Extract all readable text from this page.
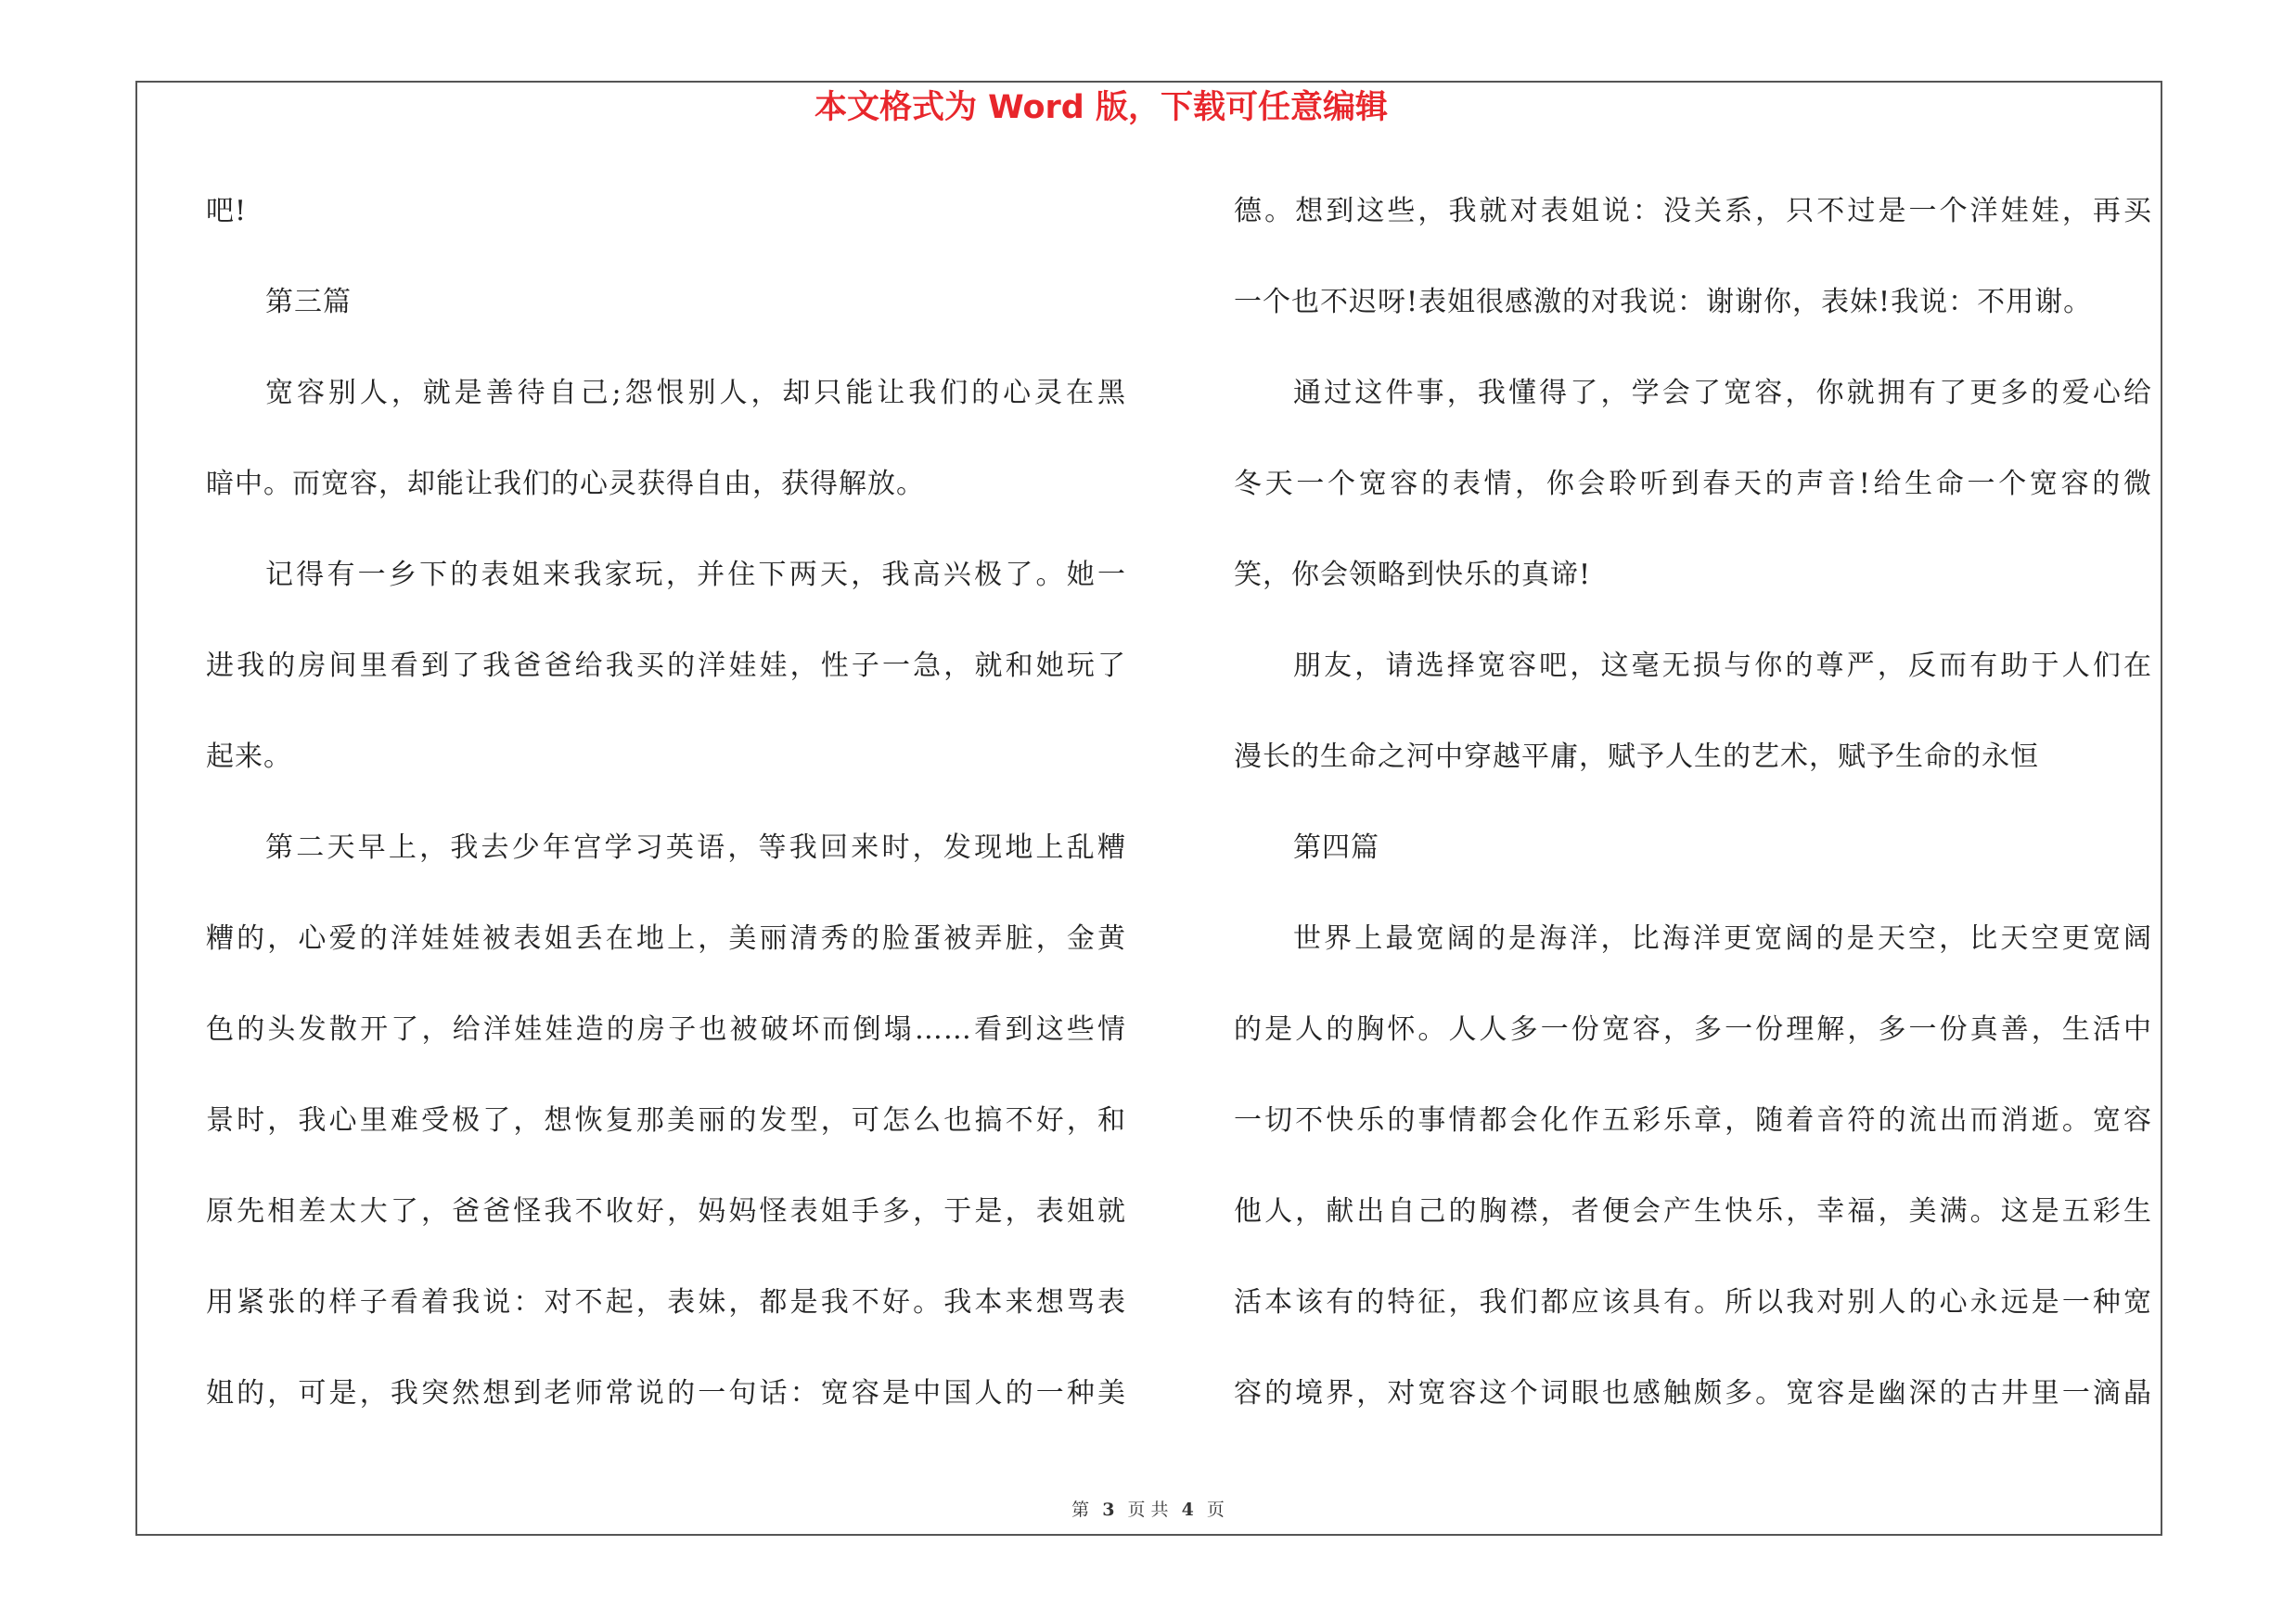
本文格式为 Word 版，下载可任意编辑
吧!
第三篇
宽容别人，就是善待自己;怨恨别人，却只能让我们的心灵在黑
暗中。而宽容，却能让我们的心灵获得自由，获得解放。
记得有一乡下的表姐来我家玩，并住下两天，我高兴极了。她一
进我的房间里看到了我爸爸给我买的洋娃娃，性子一急，就和她玩了
起来。
第二天早上，我去少年宫学习英语，等我回来时，发现地上乱糟
糟的，心爱的洋娃娃被表姐丢在地上，美丽清秀的脸蛋被弄脏，金黄
色的头发散开了，给洋娃娃造的房子也被破坏而倒塌……看到这些情
景时，我心里难受极了，想恢复那美丽的发型，可怎么也搞不好，和
原先相差太大了，爸爸怪我不收好，妈妈怪表姐手多，于是，表姐就
用紧张的样子看着我说：对不起，表妹，都是我不好。我本来想骂表
姐的，可是，我突然想到老师常说的一句话：宽容是中国人的一种美
德。想到这些，我就对表姐说：没关系，只不过是一个洋娃娃，再买
一个也不迟呀!表姐很感激的对我说：谢谢你，表妹!我说：不用谢。
通过这件事，我懂得了，学会了宽容，你就拥有了更多的爱心给
冬天一个宽容的表情，你会聆听到春天的声音!给生命一个宽容的微
笑，你会领略到快乐的真谛!
朋友，请选择宽容吧，这毫无损与你的尊严，反而有助于人们在
漫长的生命之河中穿越平庸，赋予人生的艺术，赋予生命的永恒
第四篇
世界上最宽阔的是海洋，比海洋更宽阔的是天空，比天空更宽阔
的是人的胸怀。人人多一份宽容，多一份理解，多一份真善，生活中
一切不快乐的事情都会化作五彩乐章，随着音符的流出而消逝。宽容
他人，献出自己的胸襟，者便会产生快乐，幸福，美满。这是五彩生
活本该有的特征，我们都应该具有。所以我对别人的心永远是一种宽
容的境界，对宽容这个词眼也感触颇多。宽容是幽深的古井里一滴晶
第 3 页 共 4 页
